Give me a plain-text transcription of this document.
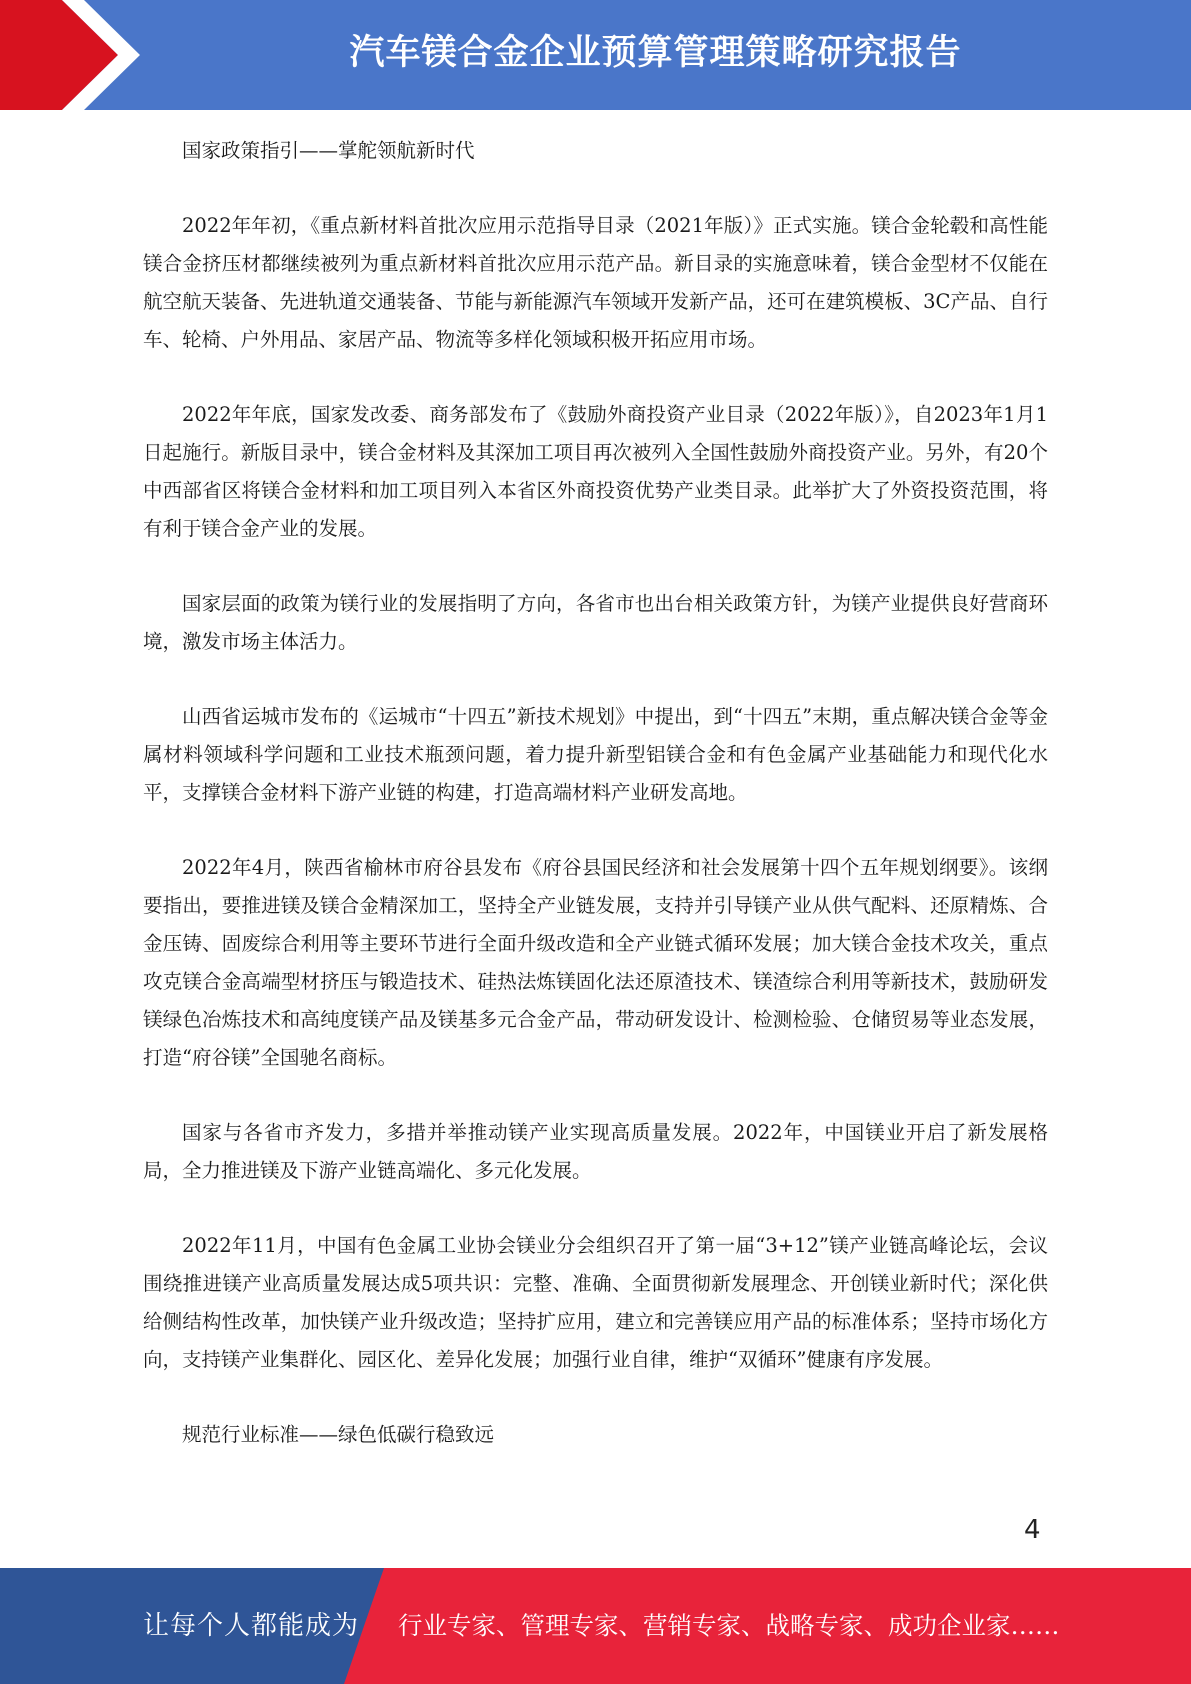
汽车镁合金企业预算管理策略研究报告

国家政策指引——掌舵领航新时代

2022年年初，《重点新材料首批次应用示范指导目录（2021年版）》正式实施。镁合金轮毂和高性能镁合金挤压材都继续被列为重点新材料首批次应用示范产品。新目录的实施意味着，镁合金型材不仅能在航空航天装备、先进轨道交通装备、节能与新能源汽车领域开发新产品，还可在建筑模板、3C产品、自行车、轮椅、户外用品、家居产品、物流等多样化领域积极开拓应用市场。

2022年年底，国家发改委、商务部发布了《鼓励外商投资产业目录（2022年版）》，自2023年1月1日起施行。新版目录中，镁合金材料及其深加工项目再次被列入全国性鼓励外商投资产业。另外，有20个中西部省区将镁合金材料和加工项目列入本省区外商投资优势产业类目录。此举扩大了外资投资范围，将有利于镁合金产业的发展。

国家层面的政策为镁行业的发展指明了方向，各省市也出台相关政策方针，为镁产业提供良好营商环境，激发市场主体活力。

山西省运城市发布的《运城市“十四五”新技术规划》中提出，到“十四五”末期，重点解决镁合金等金属材料领域科学问题和工业技术瓶颈问题，着力提升新型铝镁合金和有色金属产业基础能力和现代化水平，支撑镁合金材料下游产业链的构建，打造高端材料产业研发高地。

2022年4月，陕西省榆林市府谷县发布《府谷县国民经济和社会发展第十四个五年规划纲要》。该纲要指出，要推进镁及镁合金精深加工，坚持全产业链发展，支持并引导镁产业从供气配料、还原精炼、合金压铸、固废综合利用等主要环节进行全面升级改造和全产业链式循环发展；加大镁合金技术攻关，重点攻克镁合金高端型材挤压与锻造技术、硅热法炼镁固化法还原渣技术、镁渣综合利用等新技术，鼓励研发镁绿色冶炼技术和高纯度镁产品及镁基多元合金产品，带动研发设计、检测检验、仓储贸易等业态发展，打造“府谷镁”全国驰名商标。

国家与各省市齐发力，多措并举推动镁产业实现高质量发展。2022年，中国镁业开启了新发展格局，全力推进镁及下游产业链高端化、多元化发展。

2022年11月，中国有色金属工业协会镁业分会组织召开了第一届“3+12”镁产业链高峰论坛，会议围绕推进镁产业高质量发展达成5项共识：完整、准确、全面贯彻新发展理念、开创镁业新时代；深化供给侧结构性改革，加快镁产业升级改造；坚持扩应用，建立和完善镁应用产品的标准体系；坚持市场化方向，支持镁产业集群化、园区化、差异化发展；加强行业自律，维护“双循环”健康有序发展。

规范行业标准——绿色低碳行稳致远

4
让每个人都能成为 行业专家、管理专家、营销专家、战略专家、成功企业家……
